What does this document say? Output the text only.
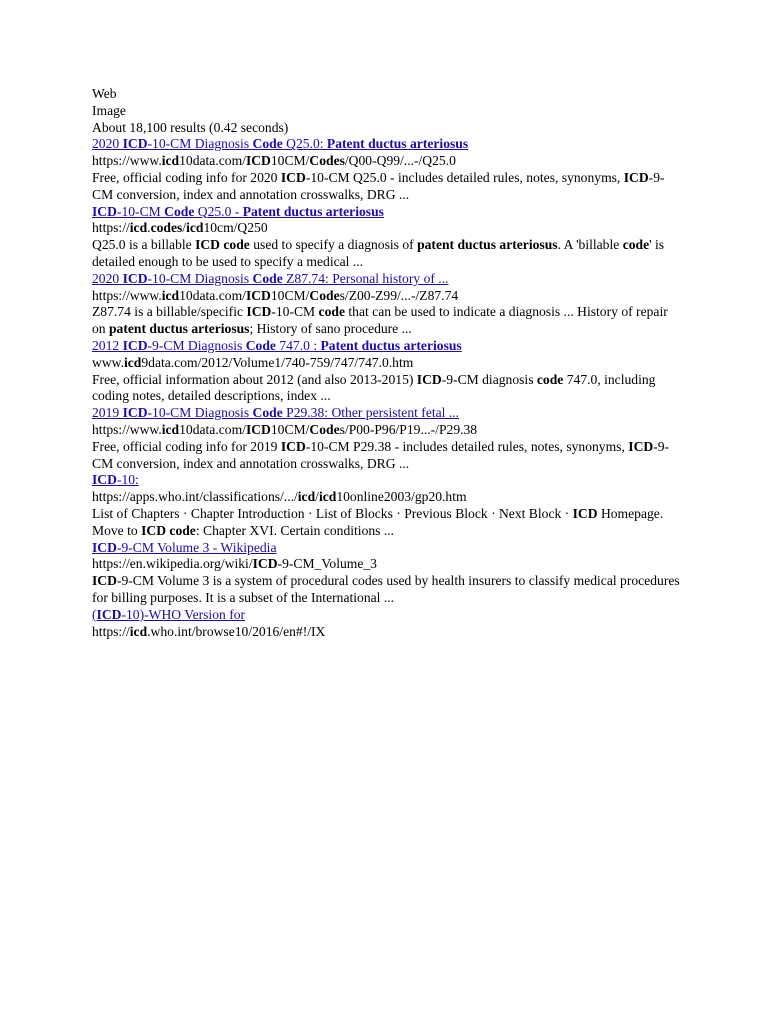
Web
Image
About 18,100 results (0.42 seconds)
2020 ICD-10-CM Diagnosis Code Q25.0: Patent ductus arteriosus
https://www.icd10data.com/ICD10CM/Codes/Q00-Q99/...-/Q25.0
Free, official coding info for 2020 ICD-10-CM Q25.0 - includes detailed rules, notes, synonyms, ICD-9-CM conversion, index and annotation crosswalks, DRG ...
ICD-10-CM Code Q25.0 - Patent ductus arteriosus
https://icd.codes/icd10cm/Q250
Q25.0 is a billable ICD code used to specify a diagnosis of patent ductus arteriosus. A 'billable code' is detailed enough to be used to specify a medical ...
2020 ICD-10-CM Diagnosis Code Z87.74: Personal history of ...
https://www.icd10data.com/ICD10CM/Codes/Z00-Z99/...-/Z87.74
Z87.74 is a billable/specific ICD-10-CM code that can be used to indicate a diagnosis ... History of repair on patent ductus arteriosus; History of sano procedure ...
2012 ICD-9-CM Diagnosis Code 747.0 : Patent ductus arteriosus
www.icd9data.com/2012/Volume1/740-759/747/747.0.htm
Free, official information about 2012 (and also 2013-2015) ICD-9-CM diagnosis code 747.0, including coding notes, detailed descriptions, index ...
2019 ICD-10-CM Diagnosis Code P29.38: Other persistent fetal ...
https://www.icd10data.com/ICD10CM/Codes/P00-P96/P19...-/P29.38
Free, official coding info for 2019 ICD-10-CM P29.38 - includes detailed rules, notes, synonyms, ICD-9-CM conversion, index and annotation crosswalks, DRG ...
ICD-10:
https://apps.who.int/classifications/.../icd/icd10online2003/gp20.htm
List of Chapters · Chapter Introduction · List of Blocks · Previous Block · Next Block · ICD Homepage. Move to ICD code: Chapter XVI. Certain conditions ...
ICD-9-CM Volume 3 - Wikipedia
https://en.wikipedia.org/wiki/ICD-9-CM_Volume_3
ICD-9-CM Volume 3 is a system of procedural codes used by health insurers to classify medical procedures for billing purposes. It is a subset of the International ...
(ICD-10)-WHO Version for
https://icd.who.int/browse10/2016/en#!/IX
